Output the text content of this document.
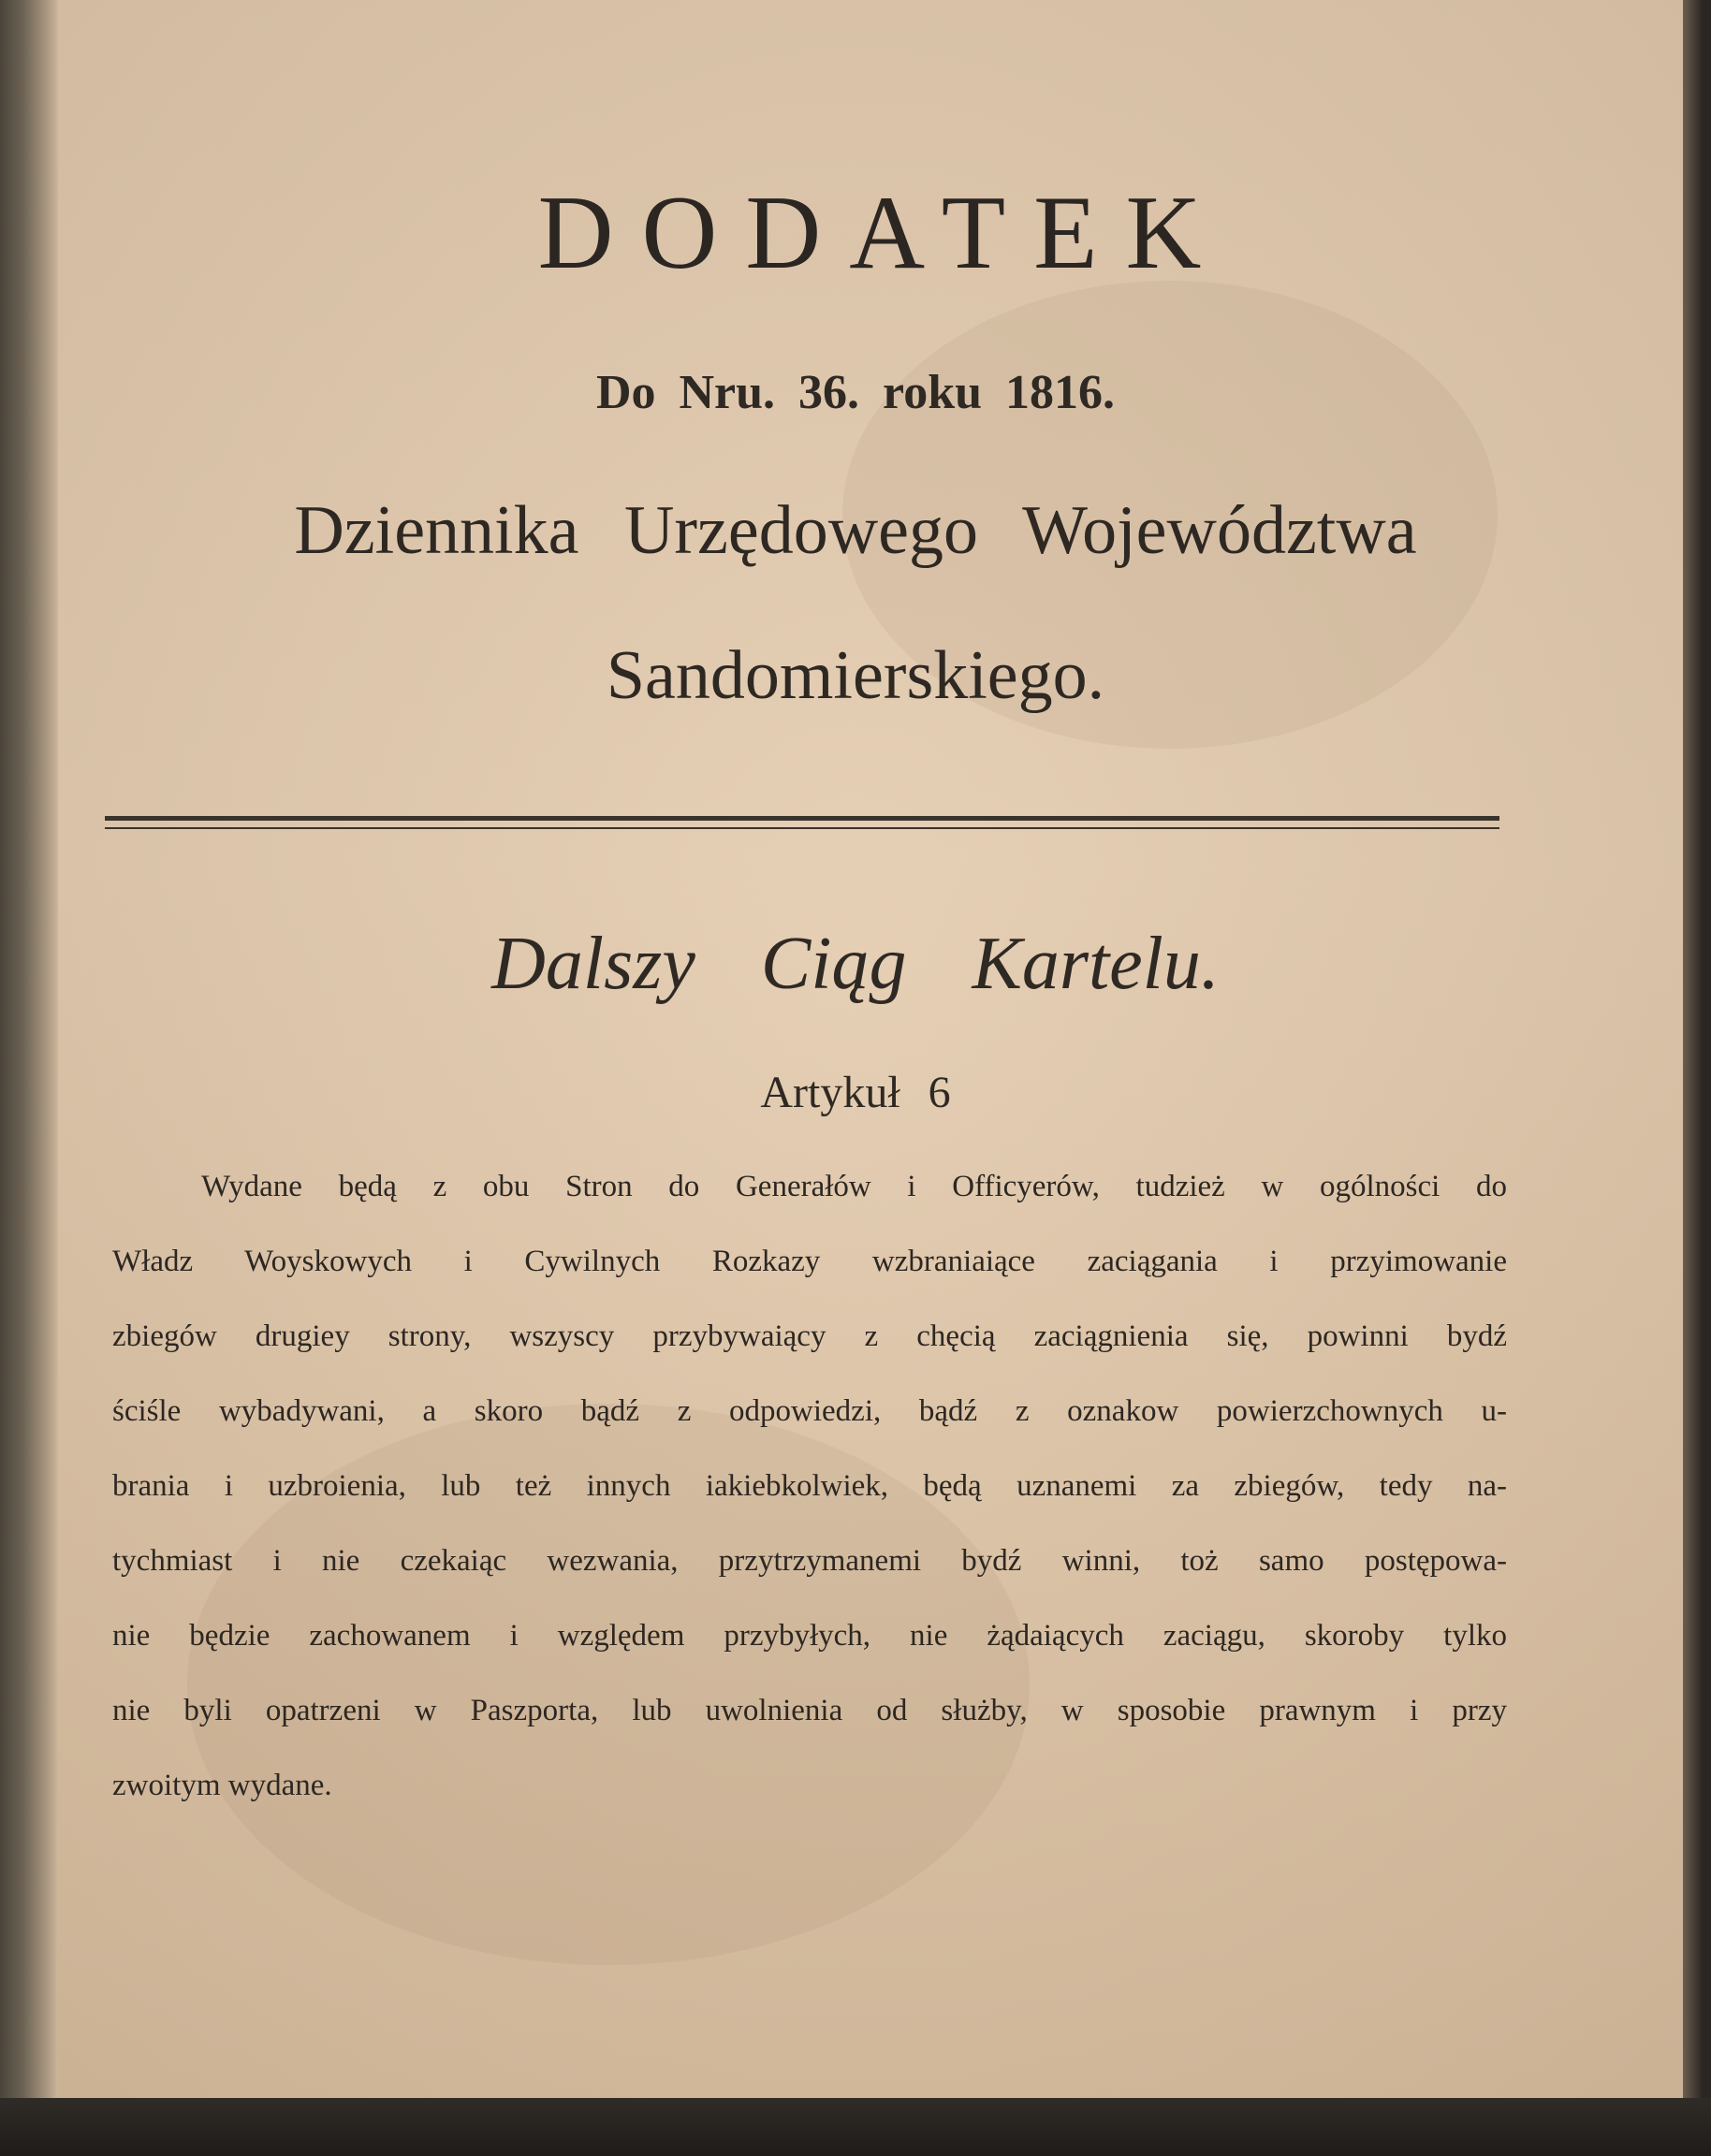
DODATEK
Do Nru. 36. roku 1816.
Dziennika Urzędowego Województwa
Sandomierskiego.
Dalszy Ciąg Kartelu.
Artykuł 6
Wydane będą z obu Stron do Generałów i Officyerów, tudzież w ogólności do
Władz Woyskowych i Cywilnych Rozkazy wzbraniaiące zaciągania i przyimowanie
zbiegów drugiey strony, wszyscy przybywaiący z chęcią zaciągnienia się, powinni bydź
ściśle wybadywani, a skoro bądź z odpowiedzi, bądź z oznakow powierzchownych u-
brania i uzbroienia, lub też innych iakiebkolwiek, będą uznanemi za zbiegów, tedy na-
tychmiast i nie czekaiąc wezwania, przytrzymanemi bydź winni, toż samo postępowa-
nie będzie zachowanem i względem przybyłych, nie żądaiących zaciągu, skoroby tylko
nie byli opatrzeni w Paszporta, lub uwolnienia od służby, w sposobie prawnym i przy
zwoitym wydane.
